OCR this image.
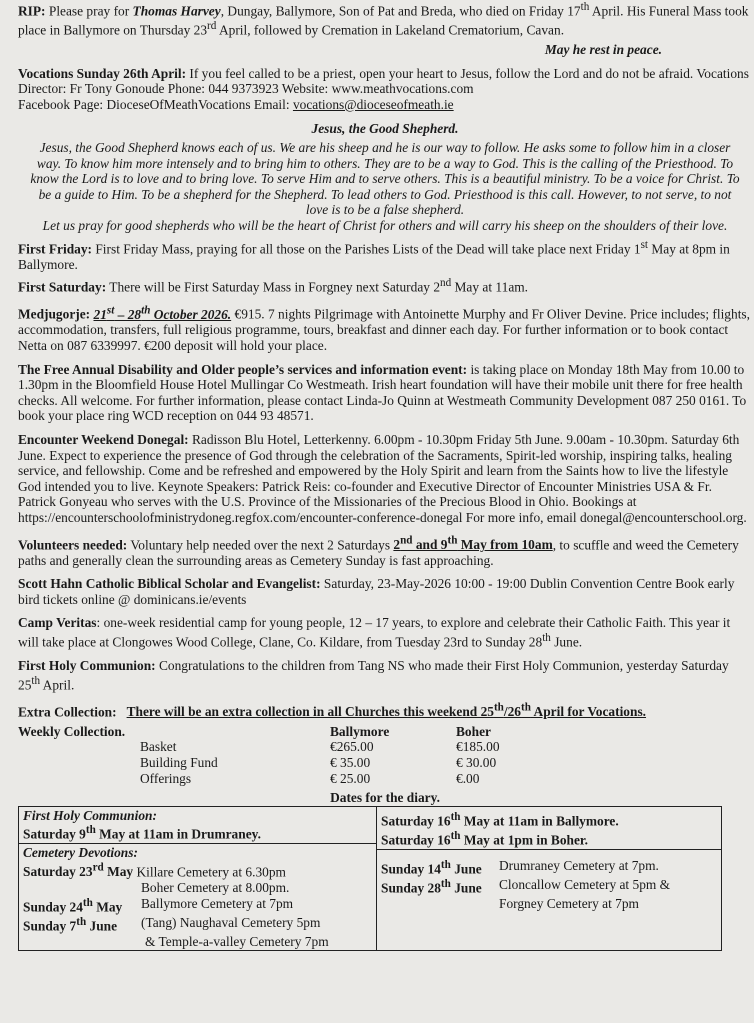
RIP: Please pray for Thomas Harvey, Dungay, Ballymore, Son of Pat and Breda, who died on Friday 17th April. His Funeral Mass took place in Ballymore on Thursday 23rd April, followed by Cremation in Lakeland Crematorium, Cavan.

May he rest in peace.

Vocations Sunday 26th April: If you feel called to be a priest, open your heart to Jesus, follow the Lord and do not be afraid. Vocations Director: Fr Tony Gonoude Phone: 044 9373923 Website: www.meathvocations.com
Facebook Page: DioceseOfMeathVocations Email: vocations@dioceseofmeath.ie

Jesus, the Good Shepherd.

Jesus, the Good Shepherd knows each of us. We are his sheep and he is our way to follow. He asks some to follow him in a closer way. To know him more intensely and to bring him to others. They are to be a way to God. This is the calling of the Priesthood. To know the Lord is to love and to bring love. To serve Him and to serve others. This is a beautiful ministry. To be a voice for Christ. To be a guide to Him. To be a shepherd for the Shepherd. To lead others to God. Priesthood is this call. However, to not serve, to not love is to be a false shepherd.

Let us pray for good shepherds who will be the heart of Christ for others and will carry his sheep on the shoulders of their love.

First Friday: First Friday Mass, praying for all those on the Parishes Lists of the Dead will take place next Friday 1st May at 8pm in Ballymore.

First Saturday: There will be First Saturday Mass in Forgney next Saturday 2nd May at 11am.

Medjugorje: 21st – 28th October 2026. €915. 7 nights Pilgrimage with Antoinette Murphy and Fr Oliver Devine. Price includes; flights, accommodation, transfers, full religious programme, tours, breakfast and dinner each day. For further information or to book contact Netta on 087 6339997. €200 deposit will hold your place.

The Free Annual Disability and Older people’s services and information event: is taking place on Monday 18th May from 10.00 to 1.30pm in the Bloomfield House Hotel Mullingar Co Westmeath. Irish heart foundation will have their mobile unit there for free health checks. All welcome. For further information, please contact Linda-Jo Quinn at Westmeath Community Development 087 250 0161. To book your place ring WCD reception on 044 93 48571.

Encounter Weekend Donegal: Radisson Blu Hotel, Letterkenny. 6.00pm - 10.30pm Friday 5th June. 9.00am - 10.30pm. Saturday 6th June. Expect to experience the presence of God through the celebration of the Sacraments, Spirit-led worship, inspiring talks, healing service, and fellowship. Come and be refreshed and empowered by the Holy Spirit and learn from the Saints how to live the lifestyle God intended you to live. Keynote Speakers: Patrick Reis: co-founder and Executive Director of Encounter Ministries USA & Fr. Patrick Gonyeau who serves with the U.S. Province of the Missionaries of the Precious Blood in Ohio. Bookings at https://encounterschoolofministrydoneg.regfox.com/encounter-conference-donegal For more info, email donegal@encounterschool.org.

Volunteers needed: Voluntary help needed over the next 2 Saturdays 2nd and 9th May from 10am, to scuffle and weed the Cemetery paths and generally clean the surrounding areas as Cemetery Sunday is fast approaching.

Scott Hahn Catholic Biblical Scholar and Evangelist: Saturday, 23-May-2026 10:00 - 19:00 Dublin Convention Centre Book early bird tickets online @ dominicans.ie/events

Camp Veritas: one-week residential camp for young people, 12 – 17 years, to explore and celebrate their Catholic Faith. This year it will take place at Clongowes Wood College, Clane, Co. Kildare, from Tuesday 23rd to Sunday 28th June.

First Holy Communion: Congratulations to the children from Tang NS who made their First Holy Communion, yesterday Saturday 25th April.

Extra Collection: There will be an extra collection in all Churches this weekend 25th/26th April for Vocations.

Weekly Collection.	Ballymore	Boher
Basket	€265.00	€185.00
Building Fund	€ 35.00	€ 30.00
Offerings	€ 25.00	€.00
Dates for the diary.
First Holy Communion:
Saturday 9th May at 11am in Drumraney.
Cemetery Devotions:
Saturday 23rd May Killare Cemetery at 6.30pm
Boher Cemetery at 8.00pm.
Sunday 24th May	Ballymore Cemetery at 7pm
Sunday 7th June	(Tang) Naughaval Cemetery 5pm
& Temple-a-valley Cemetery 7pm
Saturday 16th May at 11am in Ballymore.
Saturday 16th May at 1pm in Boher.
Sunday 14th June	Drumraney Cemetery at 7pm.
Sunday 28th June	Cloncallow Cemetery at 5pm &
Forgney Cemetery at 7pm
